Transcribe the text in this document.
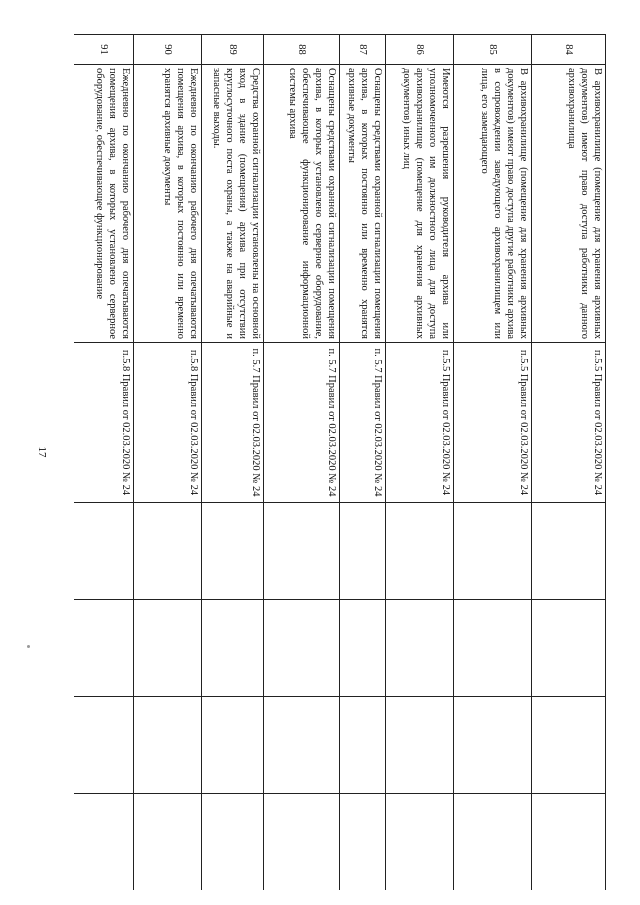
17
84	В архивохранилище (помещение для хранения архивных документов) имеют право доступа работники данного архивохранилища	п.5.5 Правил от 02.03.2020 № 24				
85	В архивохранилище (помещение для хранения архивных документов) имеют право доступа другие работники архива в сопровождении заведующего архивохранилищем или лица, его замещающего	п.5.5 Правил от 02.03.2020 № 24				
86	Имеются разрешения руководителя архива или уполномоченного им должностного лица для доступа архивохранилище (помещение для хранения архивных документов) иных лиц	п.5.5 Правил от 02.03.2020 № 24				
87	Оснащены средствами охранной сигнализации помещения архива, в которых постоянно или временно хранятся архивные документы	п. 5.7 Правил от 02.03.2020 № 24				
88	Оснащены средствами охранной сигнализации помещения архива, в которых установлено серверное оборудование, обеспечивающее функционирование информационной системы архива	п. 5.7 Правил от 02.03.2020 № 24				
89	Средства охранной сигнализации установлены на основной вход в здание (помещения) архива при отсутствии круглосуточного поста охраны, а также на аварийные и запасные выходы.	п. 5.7 Правил от 02.03.2020 № 24				
90	Ежедневно по окончанию рабочего дня опечатываются помещения архива, в которых постоянно или временно хранятся архивные документы	п.5.8 Правил от 02.03.2020 № 24				
91	Ежедневно по окончанию рабочего дня опечатываются помещения архива, в которых установлено серверное оборудование, обеспечивающее функционирование	п.5.8 Правил от 02.03.2020 № 24				
